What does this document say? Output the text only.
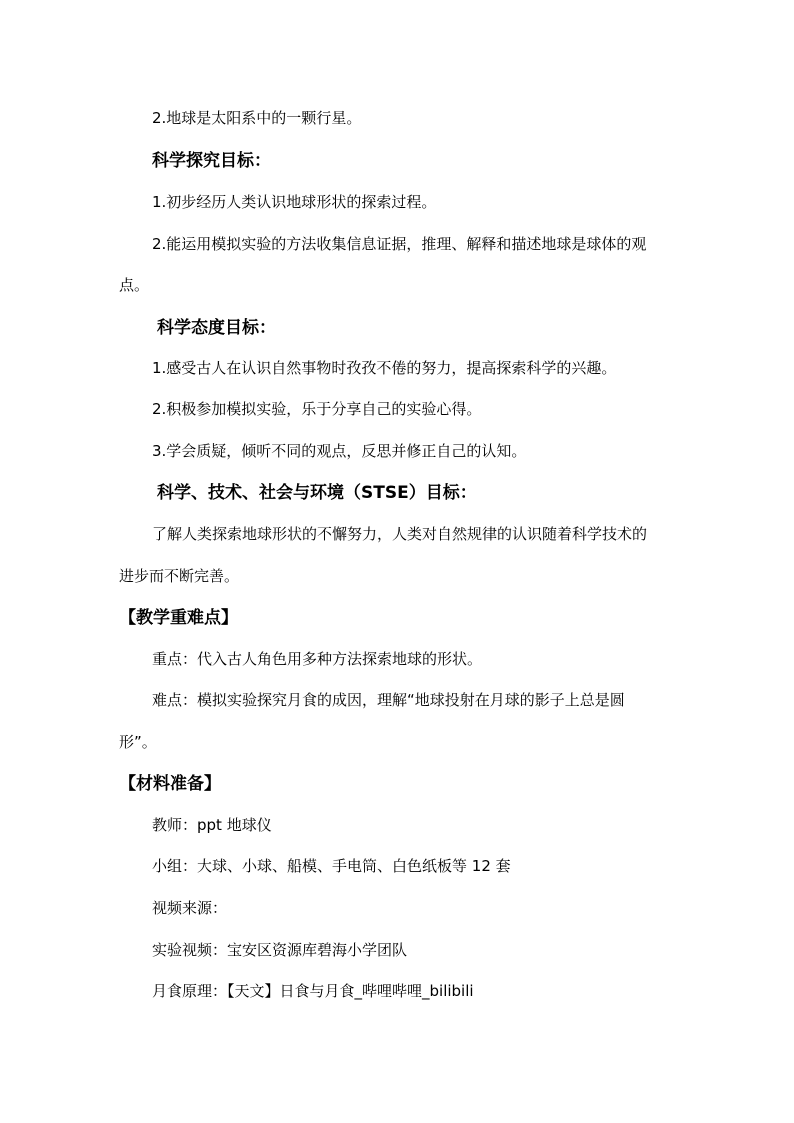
2.地球是太阳系中的一颗行星。
科学探究目标：
1.初步经历人类认识地球形状的探索过程。
2.能运用模拟实验的方法收集信息证据，推理、解释和描述地球是球体的观
点。
科学态度目标：
1.感受古人在认识自然事物时孜孜不倦的努力，提高探索科学的兴趣。
2.积极参加模拟实验，乐于分享自己的实验心得。
3.学会质疑，倾听不同的观点，反思并修正自己的认知。
科学、技术、社会与环境（STSE）目标：
了解人类探索地球形状的不懈努力，人类对自然规律的认识随着科学技术的
进步而不断完善。
【教学重难点】
重点：代入古人角色用多种方法探索地球的形状。
难点：模拟实验探究月食的成因，理解“地球投射在月球的影子上总是圆
形”。
【材料准备】
教师：ppt 地球仪
小组：大球、小球、船模、手电筒、白色纸板等 12 套
视频来源：
实验视频：宝安区资源库碧海小学团队
月食原理：【天文】日食与月食_哔哩哔哩_bilibili
